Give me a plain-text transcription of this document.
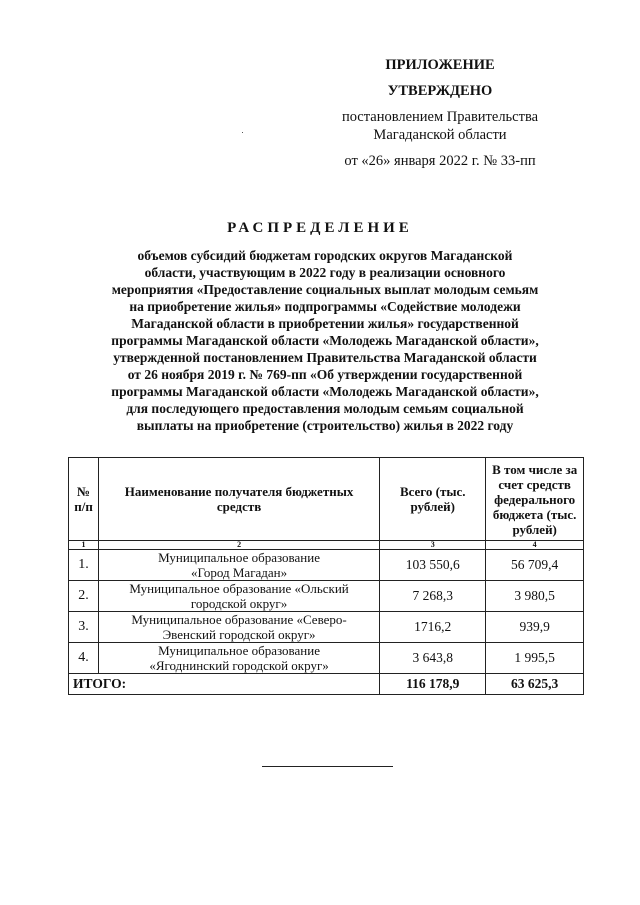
ПРИЛОЖЕНИЕ
УТВЕРЖДЕНО
постановлением Правительства
Магаданской области
от «26» января 2022 г. № 33-пп
РАСПРЕДЕЛЕНИЕ
объемов субсидий бюджетам городских округов Магаданской
области, участвующим в 2022 году в реализации основного
мероприятия «Предоставление социальных выплат молодым семьям
на приобретение жилья» подпрограммы «Содействие молодежи
Магаданской области в приобретении жилья» государственной
программы Магаданской области «Молодежь Магаданской области»,
утвержденной постановлением Правительства Магаданской области
от 26 ноября 2019 г. № 769-пп «Об утверждении государственной
программы Магаданской области «Молодежь Магаданской области»,
для последующего предоставления молодым семьям социальной
выплаты на приобретение (строительство) жилья в 2022 году
№ п/п	Наименование получателя бюджетных средств	Всего (тыс. рублей)	В том числе за счет средств федерального бюджета (тыс. рублей)
1	2	3	4
1.	Муниципальное образование
«Город Магадан»	103 550,6	56 709,4
2.	Муниципальное образование «Ольский
городской округ»	7 268,3	3 980,5
3.	Муниципальное образование «Северо-
Эвенский городской округ»	1716,2	939,9
4.	Муниципальное образование
«Ягоднинский городской округ»	3 643,8	1 995,5
ИТОГО:		116 178,9	63 625,3
